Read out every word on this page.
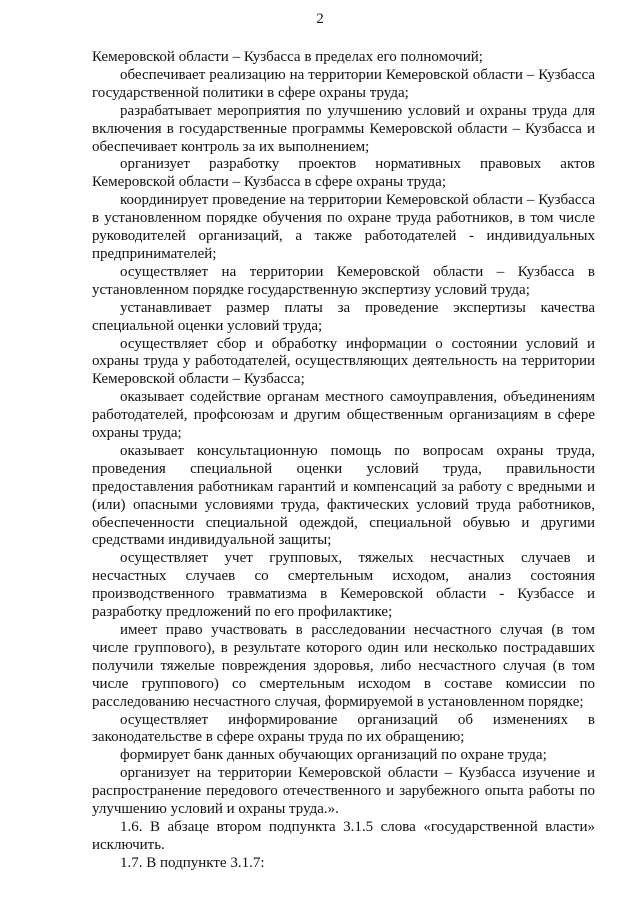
2

Кемеровской области – Кузбасса в пределах его полномочий;

обеспечивает реализацию на территории Кемеровской области – Кузбасса государственной политики в сфере охраны труда;

разрабатывает мероприятия по улучшению условий и охраны труда для включения в государственные программы Кемеровской области – Кузбасса и обеспечивает контроль за их выполнением;

организует разработку проектов нормативных правовых актов Кемеровской области – Кузбасса в сфере охраны труда;

координирует проведение на территории Кемеровской области – Кузбасса в установленном порядке обучения по охране труда работников, в том числе руководителей организаций, а также работодателей - индивидуальных предпринимателей;

осуществляет на территории Кемеровской области – Кузбасса в установленном порядке государственную экспертизу условий труда;

устанавливает размер платы за проведение экспертизы качества специальной оценки условий труда;

осуществляет сбор и обработку информации о состоянии условий и охраны труда у работодателей, осуществляющих деятельность на территории Кемеровской области – Кузбасса;

оказывает содействие органам местного самоуправления, объединениям работодателей, профсоюзам и другим общественным организациям в сфере охраны труда;

оказывает консультационную помощь по вопросам охраны труда, проведения специальной оценки условий труда, правильности предоставления работникам гарантий и компенсаций за работу с вредными и (или) опасными условиями труда, фактических условий труда работников, обеспеченности специальной одеждой, специальной обувью и другими средствами индивидуальной защиты;

осуществляет учет групповых, тяжелых несчастных случаев и несчастных случаев со смертельным исходом, анализ состояния производственного травматизма в Кемеровской области - Кузбассе и разработку предложений по его профилактике;

имеет право участвовать в расследовании несчастного случая (в том числе группового), в результате которого один или несколько пострадавших получили тяжелые повреждения здоровья, либо несчастного случая (в том числе группового) со смертельным исходом в составе комиссии по расследованию несчастного случая, формируемой в установленном порядке;

осуществляет информирование организаций об изменениях в законодательстве в сфере охраны труда по их обращению;

формирует банк данных обучающих организаций по охране труда;

организует на территории Кемеровской области – Кузбасса изучение и распространение передового отечественного и зарубежного опыта работы по улучшению условий и охраны труда.».

1.6. В абзаце втором подпункта 3.1.5 слова «государственной власти» исключить.

1.7. В подпункте 3.1.7:
